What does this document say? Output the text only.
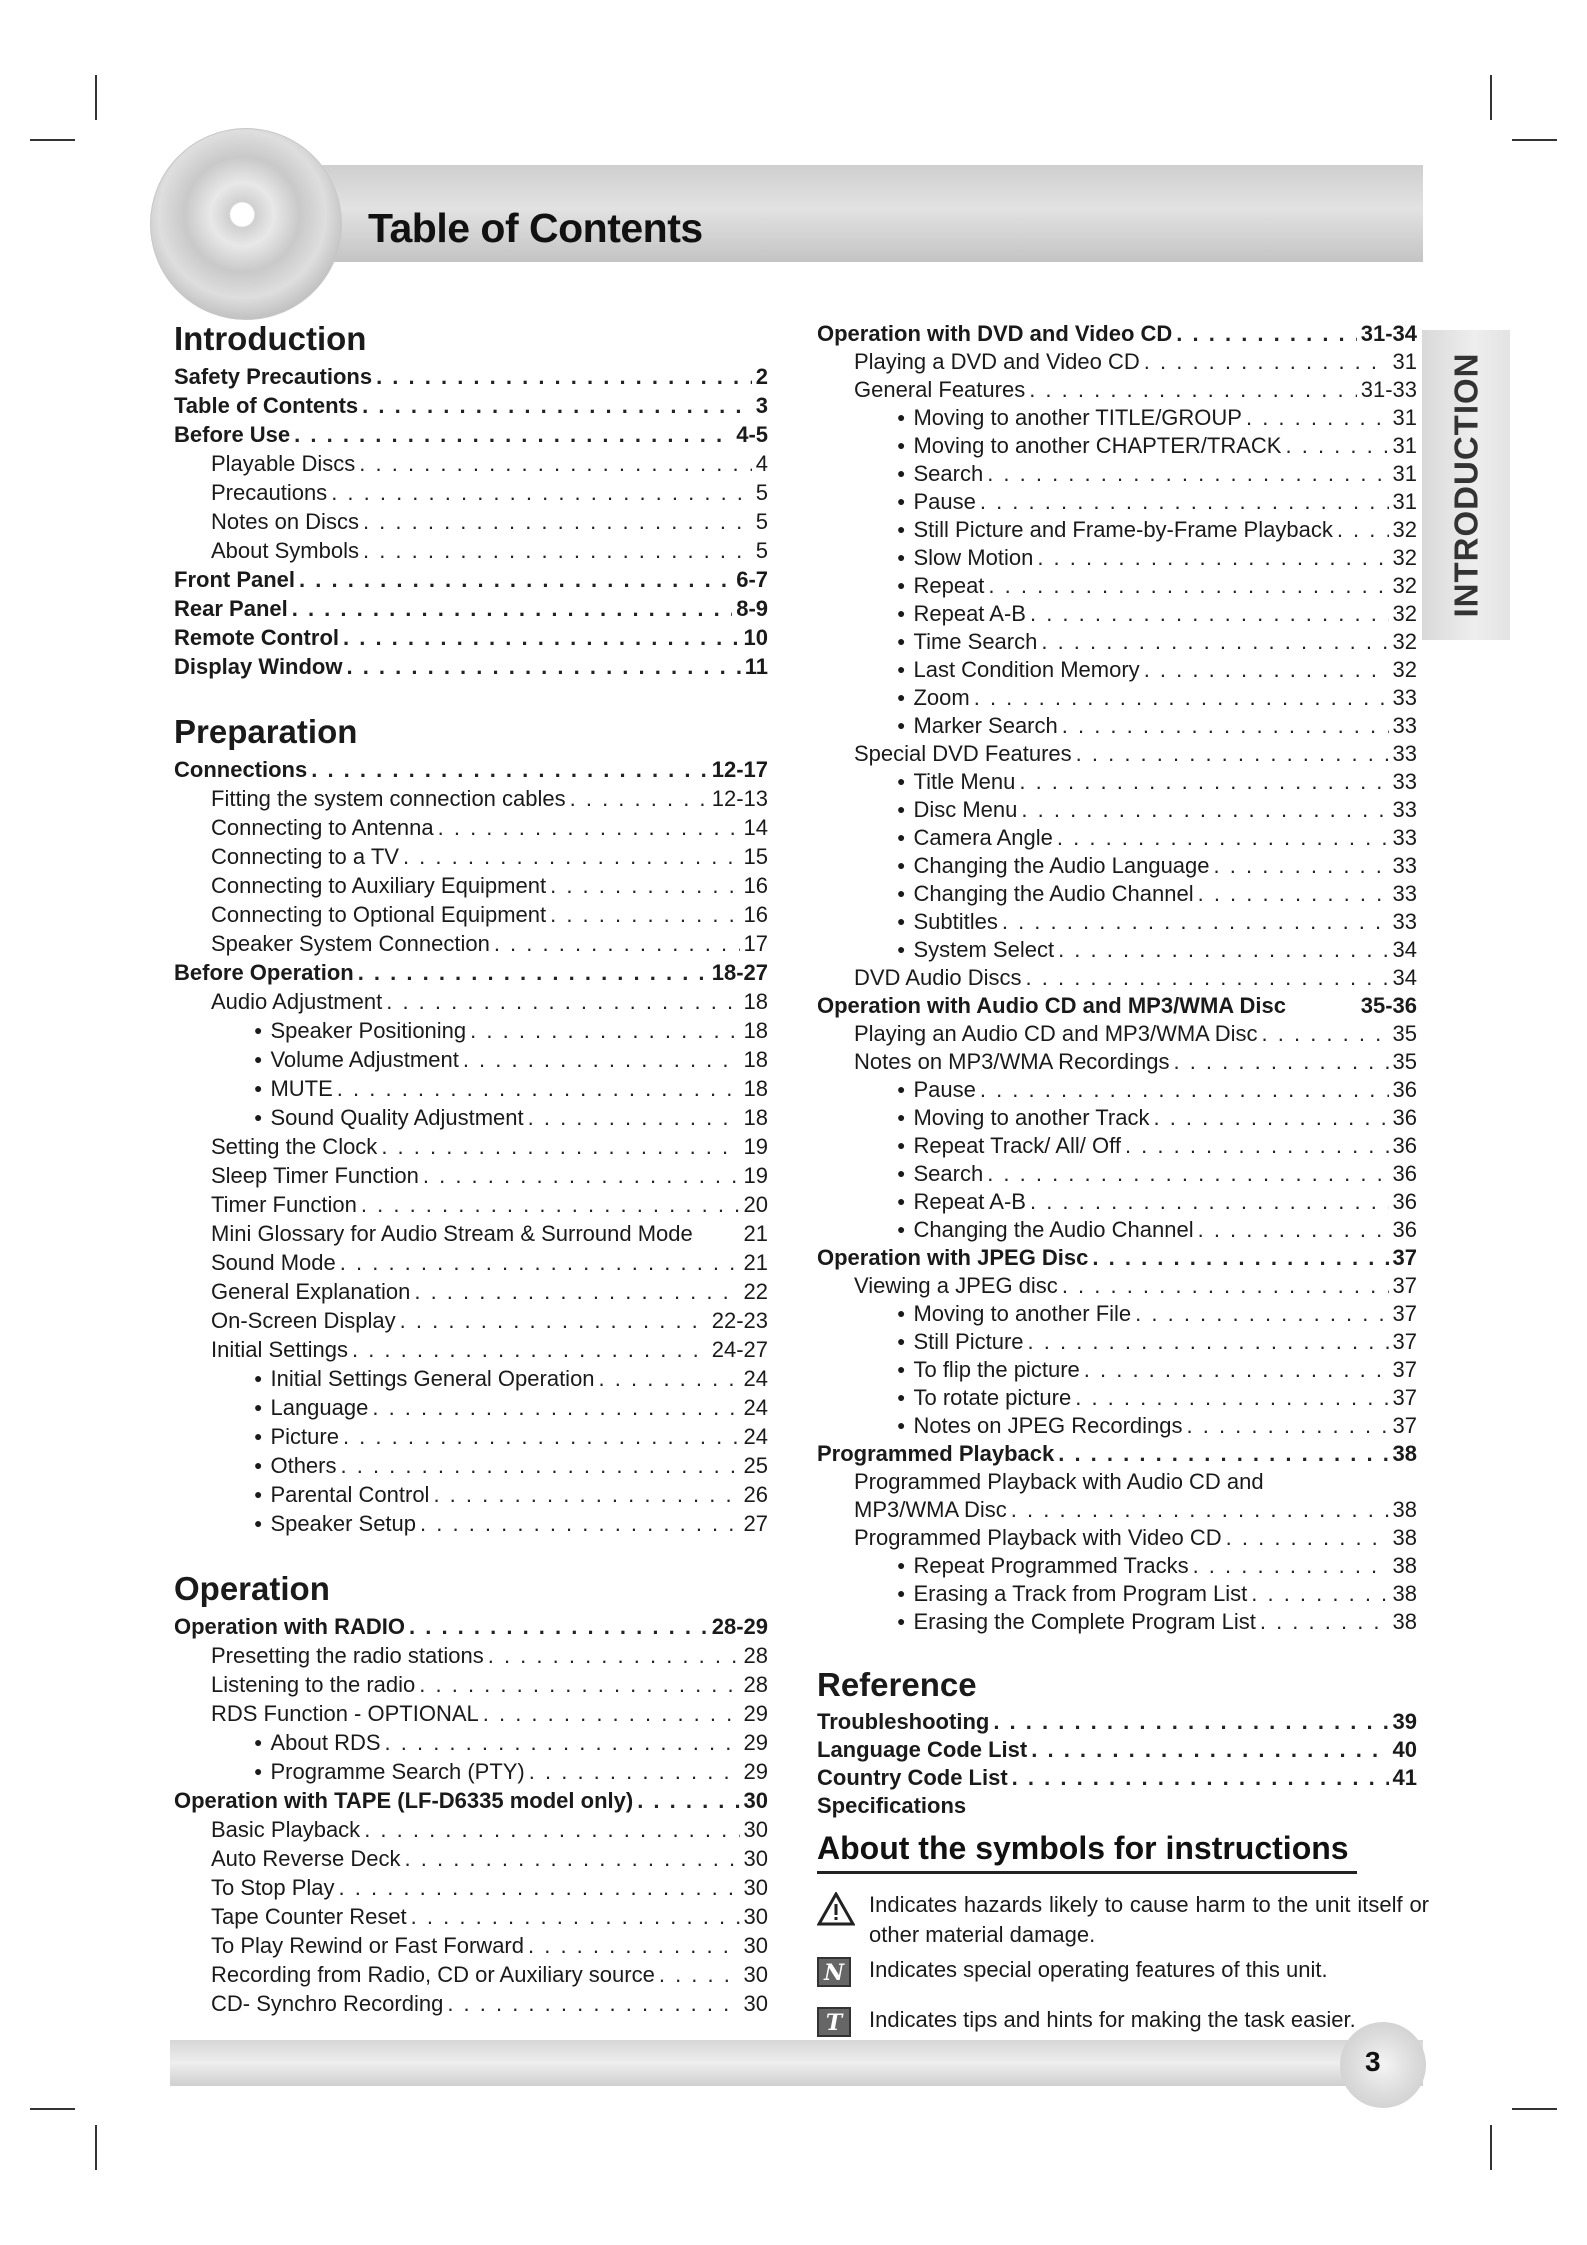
Table of Contents
INTRODUCTION
Introduction
Safety Precautions . . .	2
Table of Contents . . .	3
Before Use . . .	4-5
Playable Discs . . .	4
Precautions . . .	5
Notes on Discs . . .	5
About Symbols . . .	5
Front Panel . . .	6-7
Rear Panel . . .	8-9
Remote Control . . .	10
Display Window . . .	11
Preparation
Connections . . .	12-17
Fitting the system connection cables . . .	12-13
Connecting to Antenna . . .	14
Connecting to a TV . . .	15
Connecting to Auxiliary Equipment . . .	16
Connecting to Optional Equipment . . .	16
Speaker System Connection . . .	17
Before Operation . . .	18-27
Audio Adjustment . . .	18
● Speaker Positioning . . .	18
● Volume Adjustment . . .	18
● MUTE . . .	18
● Sound Quality Adjustment . . .	18
Setting the Clock . . .	19
Sleep Timer Function . . .	19
Timer Function . . .	20
Mini Glossary for Audio Stream & Surround Mode 21
Sound Mode . . .	21
General Explanation . . .	22
On-Screen Display . . .	22-23
Initial Settings . . .	24-27
● Initial Settings General Operation . . .	24
● Language . . .	24
● Picture . . .	24
● Others . . .	25
● Parental Control . . .	26
● Speaker Setup . . .	27
Operation
Operation with RADIO . . .	28-29
Presetting the radio stations . . .	28
Listening to the radio . . .	28
RDS Function - OPTIONAL . . .	29
● About RDS . . .	29
● Programme Search (PTY) . . .	29
Operation with TAPE (LF-D6335 model only) . . .	30
Basic Playback . . .	30
Auto Reverse Deck . . .	30
To Stop Play . . .	30
Tape Counter Reset . . .	30
To Play Rewind or Fast Forward . . .	30
Recording from Radio, CD or Auxiliary source . . .	30
CD- Synchro Recording . . .	30
Operation with DVD and Video CD . . .	31-34
Playing a DVD and Video CD . . .	31
General Features . . .	31-33
● Moving to another TITLE/GROUP . . .	31
● Moving to another CHAPTER/TRACK . . .	31
● Search . . .	31
● Pause . . .	31
● Still Picture and Frame-by-Frame Playback . . .	32
● Slow Motion . . .	32
● Repeat . . .	32
● Repeat A-B . . .	32
● Time Search . . .	32
● Last Condition Memory . . .	32
● Zoom . . .	33
● Marker Search . . .	33
Special DVD Features . . .	33
● Title Menu . . .	33
● Disc Menu . . .	33
● Camera Angle . . .	33
● Changing the Audio Language . . .	33
● Changing the Audio Channel . . .	33
● Subtitles . . .	33
● System Select . . .	34
DVD Audio Discs . . .	34
Operation with Audio CD and MP3/WMA Disc	35-36
Playing an Audio CD and MP3/WMA Disc . . .	35
Notes on MP3/WMA Recordings . . .	35
● Pause . . .	36
● Moving to another Track . . .	36
● Repeat Track/ All/ Off . . .	36
● Search . . .	36
● Repeat A-B . . .	36
● Changing the Audio Channel . . .	36
Operation with JPEG Disc . . .	37
Viewing a JPEG disc . . .	37
● Moving to another File . . .	37
● Still Picture . . .	37
● To flip the picture . . .	37
● To rotate picture . . .	37
● Notes on JPEG Recordings . . .	37
Programmed Playback . . .	38
Programmed Playback with Audio CD and
MP3/WMA Disc . . .	38
Programmed Playback with Video CD . . .	38
● Repeat Programmed Tracks . . .	38
● Erasing a Track from Program List . . .	38
● Erasing the Complete Program List . . .	38
Reference
Troubleshooting . . .	39
Language Code List . . .	40
Country Code List . . .	41
Specifications
About the symbols for instructions
Indicates hazards likely to cause harm to the unit itself or other material damage.
N	Indicates special operating features of this unit.
T	Indicates tips and hints for making the task easier.
3
